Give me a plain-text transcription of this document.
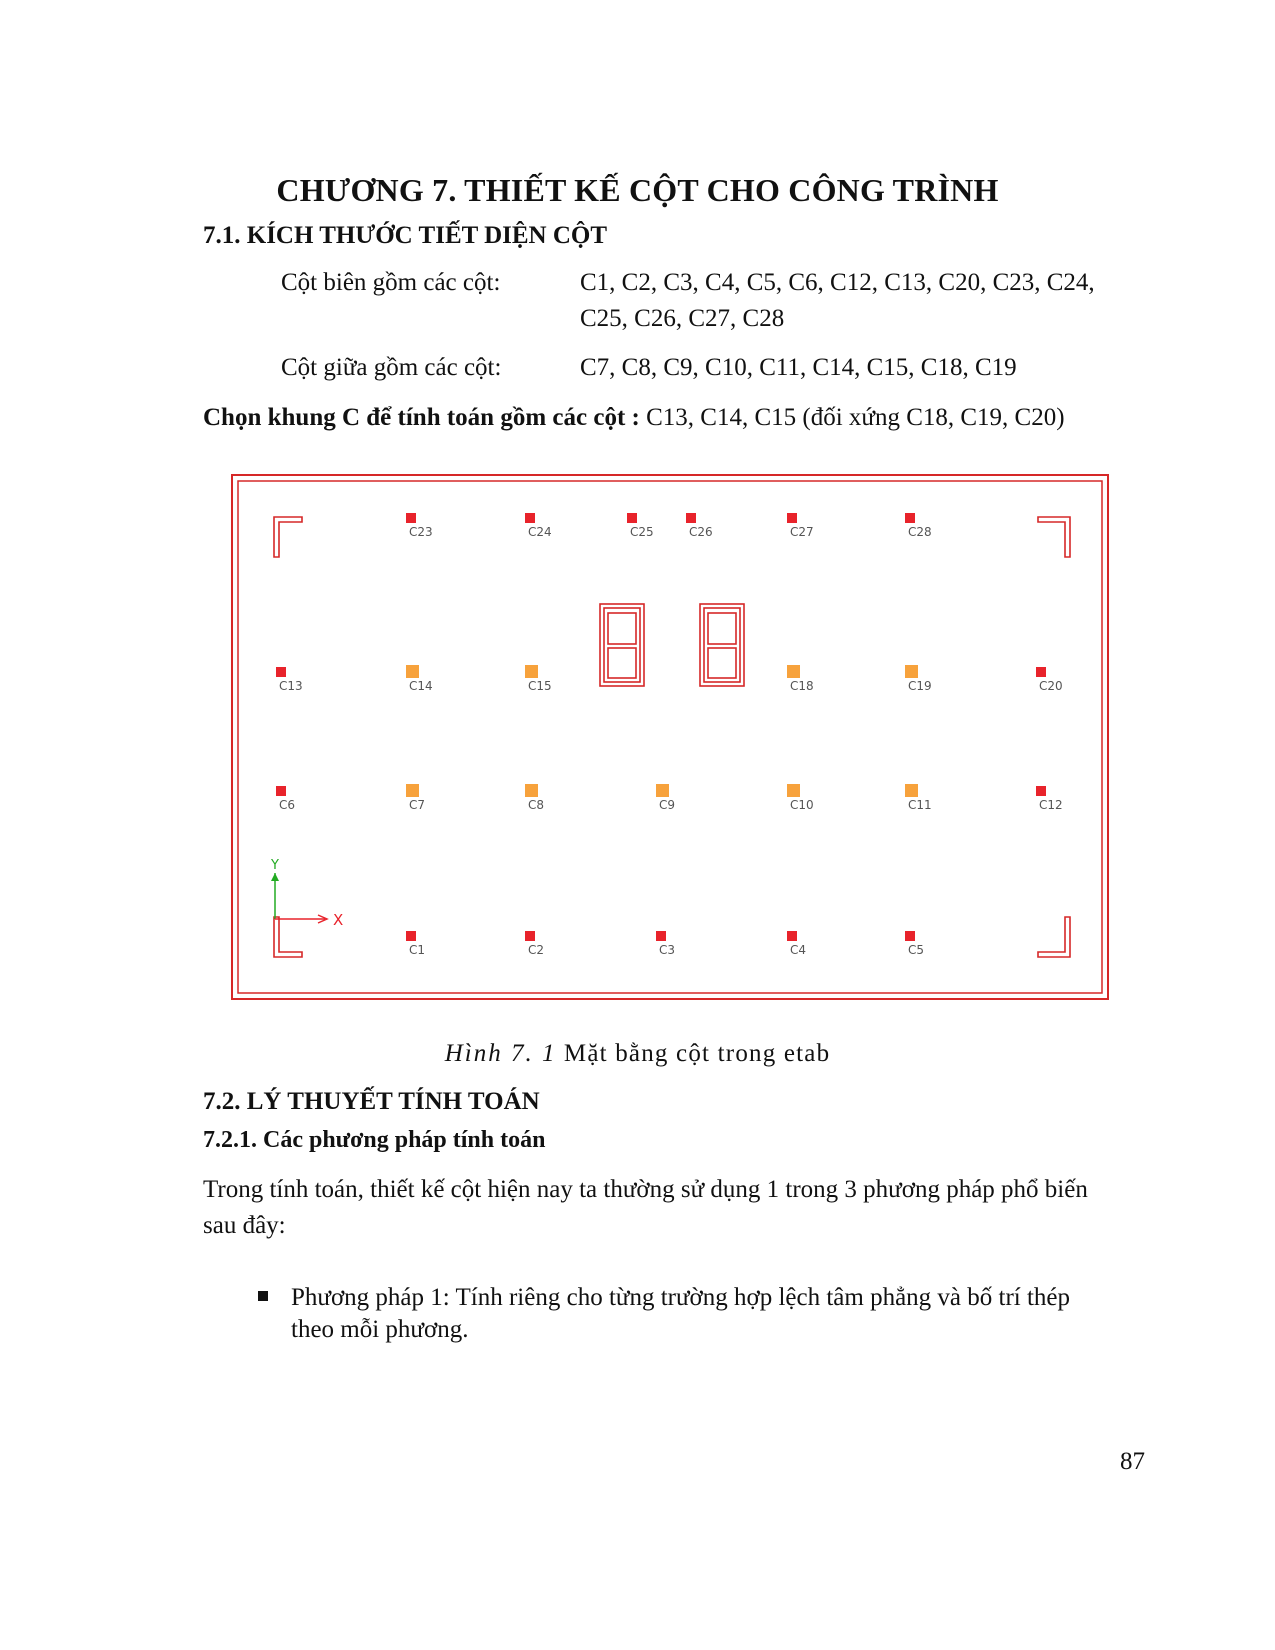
CHƯƠNG 7. THIẾT KẾ CỘT CHO CÔNG TRÌNH
7.1. KÍCH THƯỚC TIẾT DIỆN CỘT
Cột biên gồm các cột:	C1, C2, C3, C4, C5, C6, C12, C13, C20, C23, C24,
C25, C26, C27, C28
Cột giữa gồm các cột:	C7, C8, C9, C10, C11, C14, C15, C18, C19
Chọn khung C để tính toán gồm các cột : C13, C14, C15 (đối xứng C18, C19, C20)
C23	C24	C25	C26	C27	C28
C13	C14	C15	C18	C19	C20
C6	C7	C8	C9	C10	C11	C12
C1	C2	C3	C4	C5
Y
X
Hình 7. 1 Mặt bằng cột trong etab
7.2. LÝ THUYẾT TÍNH TOÁN
7.2.1. Các phương pháp tính toán
Trong tính toán, thiết kế cột hiện nay ta thường sử dụng 1 trong 3 phương pháp phổ biến
sau đây:
Phương pháp 1: Tính riêng cho từng trường hợp lệch tâm phẳng và bố trí thép
theo mỗi phương.
87
